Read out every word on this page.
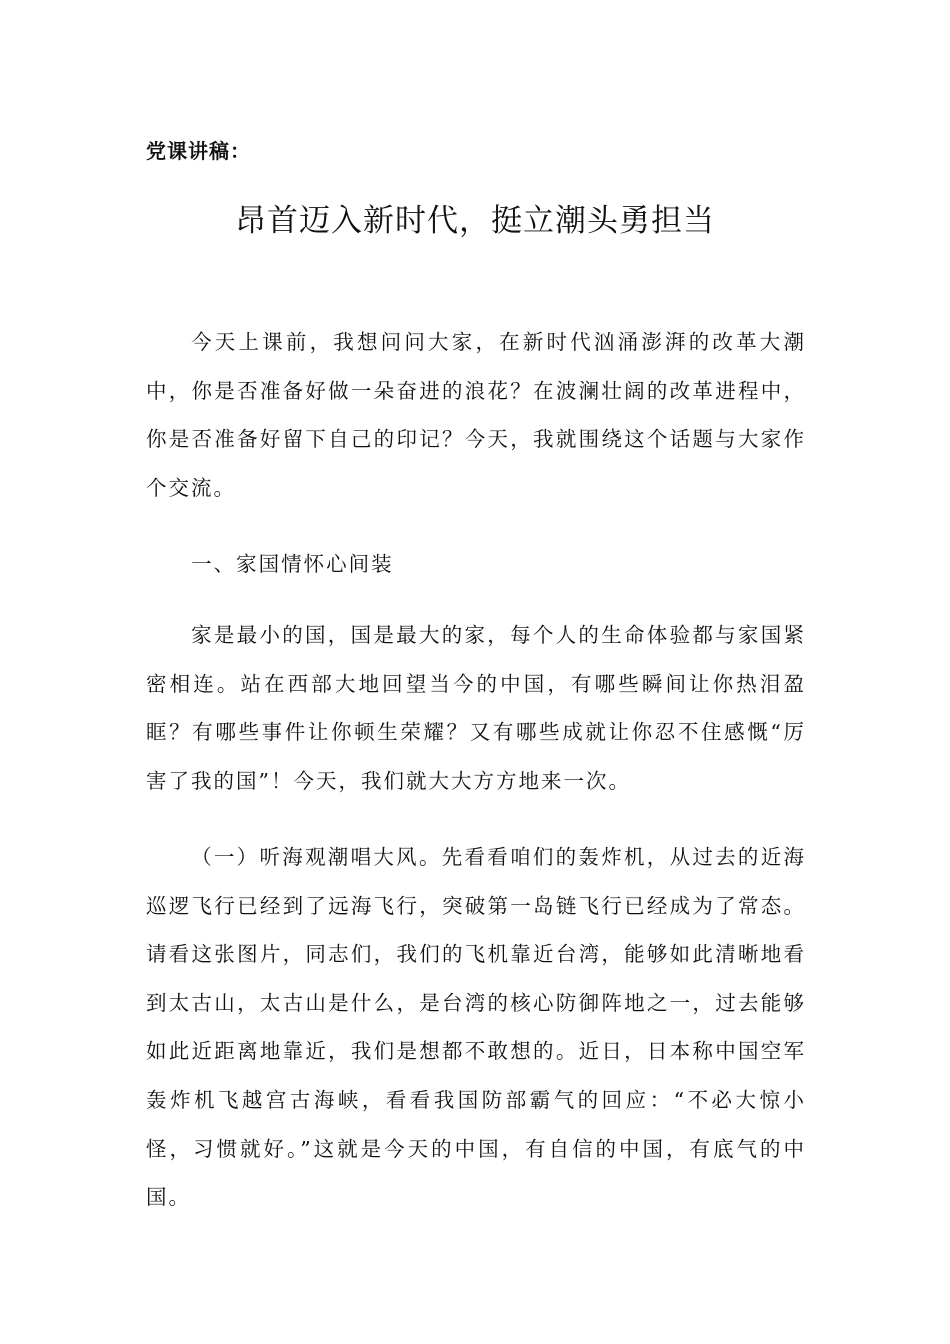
党课讲稿：
昂首迈入新时代，挺立潮头勇担当

今天上课前，我想问问大家，在新时代汹涌澎湃的改革大潮中，你是否准备好做一朵奋进的浪花？在波澜壮阔的改革进程中，你是否准备好留下自己的印记？今天，我就围绕这个话题与大家作个交流。

一、家国情怀心间装

家是最小的国，国是最大的家，每个人的生命体验都与家国紧密相连。站在西部大地回望当今的中国，有哪些瞬间让你热泪盈眶？有哪些事件让你顿生荣耀？又有哪些成就让你忍不住感慨“厉害了我的国”！今天，我们就大大方方地来一次。

（一）听海观潮唱大风。先看看咱们的轰炸机，从过去的近海巡逻飞行已经到了远海飞行，突破第一岛链飞行已经成为了常态。请看这张图片，同志们，我们的飞机靠近台湾，能够如此清晰地看到太古山，太古山是什么，是台湾的核心防御阵地之一，过去能够如此近距离地靠近，我们是想都不敢想的。近日，日本称中国空军轰炸机飞越宫古海峡，看看我国防部霸气的回应：“不必大惊小怪，习惯就好。”这就是今天的中国，有自信的中国，有底气的中国。
